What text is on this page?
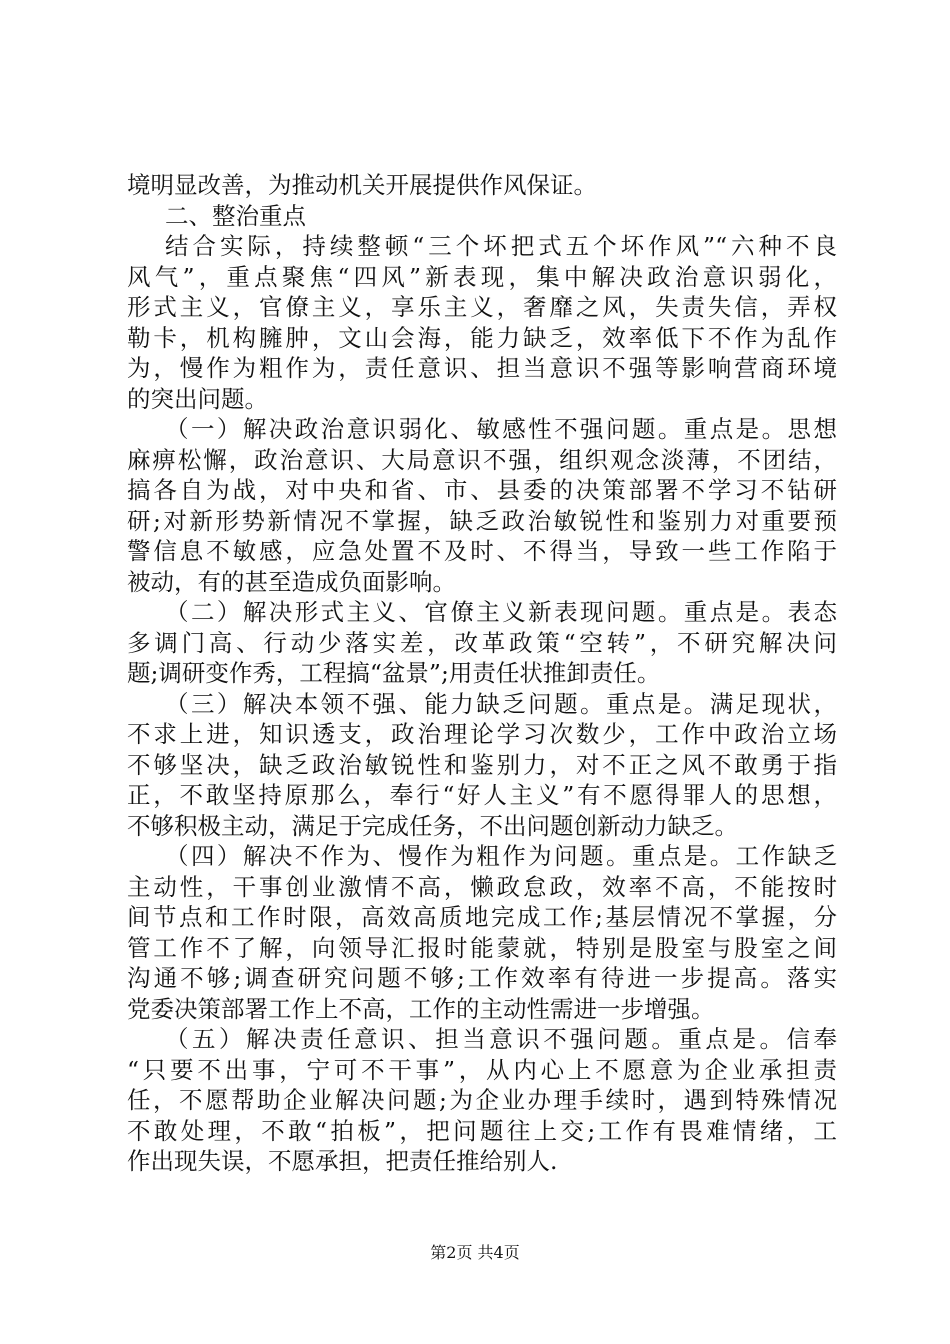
境明显改善，为推动机关开展提供作风保证。
二、整治重点
结合实际，持续整顿“三个坏把式五个坏作风”“六种不良
风气”，重点聚焦“四风”新表现，集中解决政治意识弱化，
形式主义，官僚主义，享乐主义，奢靡之风，失责失信，弄权
勒卡，机构臃肿，文山会海，能力缺乏，效率低下不作为乱作
为，慢作为粗作为，责任意识、担当意识不强等影响营商环境
的突出问题。
（一）解决政治意识弱化、敏感性不强问题。重点是。思想
麻痹松懈，政治意识、大局意识不强，组织观念淡薄，不团结，
搞各自为战，对中央和省、市、县委的决策部署不学习不钻研
研;对新形势新情况不掌握，缺乏政治敏锐性和鉴别力对重要预
警信息不敏感，应急处置不及时、不得当，导致一些工作陷于
被动，有的甚至造成负面影响。
（二）解决形式主义、官僚主义新表现问题。重点是。表态
多调门高、行动少落实差，改革政策“空转”，不研究解决问
题;调研变作秀，工程搞“盆景”;用责任状推卸责任。
（三）解决本领不强、能力缺乏问题。重点是。满足现状，
不求上进，知识透支，政治理论学习次数少，工作中政治立场
不够坚决，缺乏政治敏锐性和鉴别力，对不正之风不敢勇于指
正，不敢坚持原那么，奉行“好人主义”有不愿得罪人的思想，
不够积极主动，满足于完成任务，不出问题创新动力缺乏。
（四）解决不作为、慢作为粗作为问题。重点是。工作缺乏
主动性，干事创业激情不高，懒政怠政，效率不高，不能按时
间节点和工作时限，高效高质地完成工作;基层情况不掌握，分
管工作不了解，向领导汇报时能蒙就，特别是股室与股室之间
沟通不够;调查研究问题不够;工作效率有待进一步提高。落实
党委决策部署工作上不高，工作的主动性需进一步增强。
（五）解决责任意识、担当意识不强问题。重点是。信奉
“只要不出事，宁可不干事”，从内心上不愿意为企业承担责
任，不愿帮助企业解决问题;为企业办理手续时，遇到特殊情况
不敢处理，不敢“拍板”，把问题往上交;工作有畏难情绪，工
作出现失误，不愿承担，把责任推给别人.
第2页 共4页
